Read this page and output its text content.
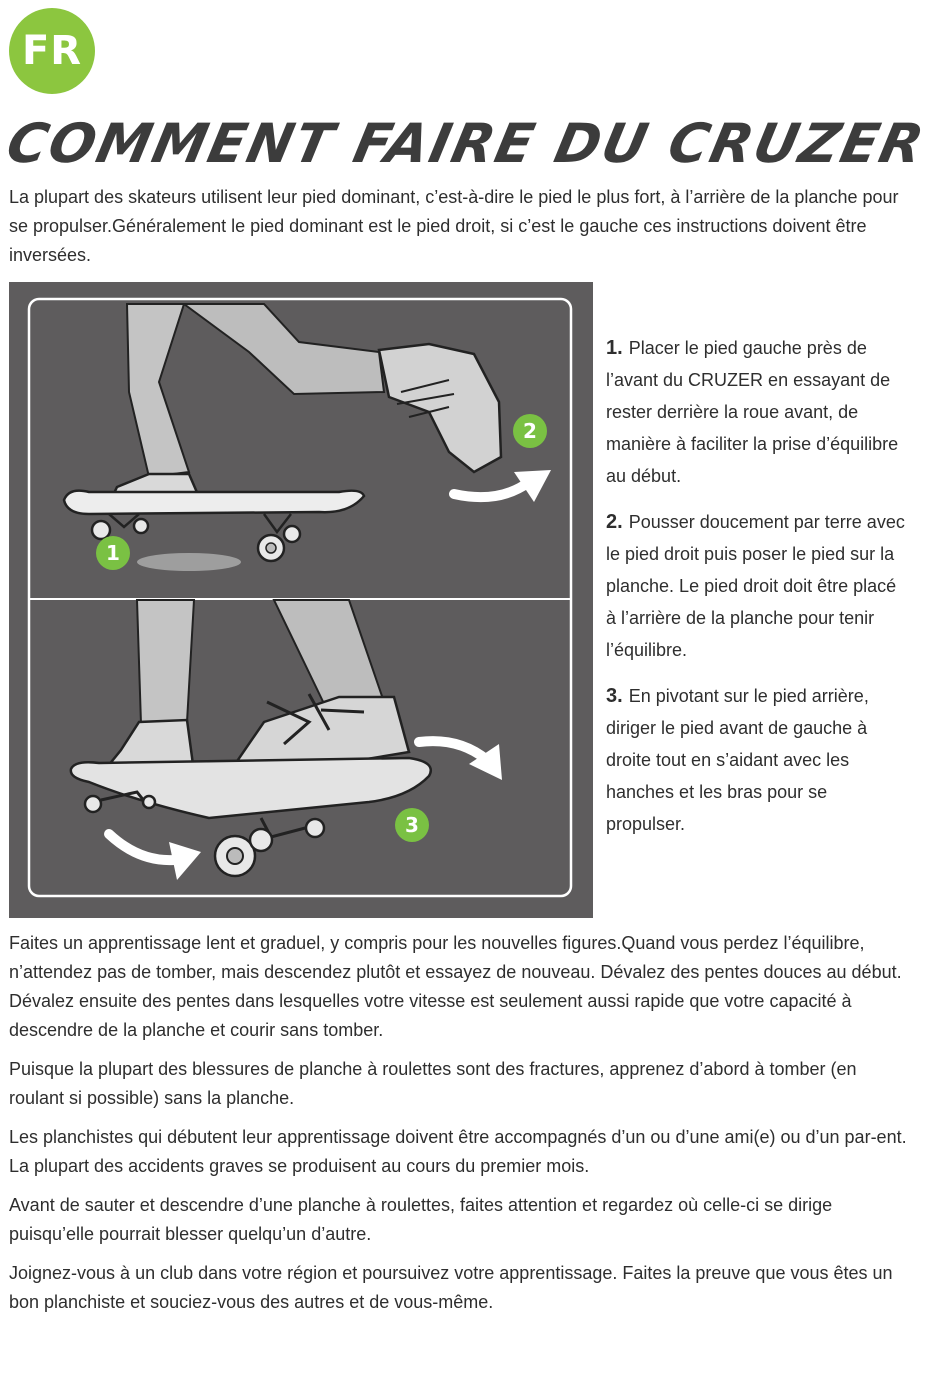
FR
COMMENT FAIRE DU CRUZER

La plupart des skateurs utilisent leur pied dominant, c’est-à-dire le pied le plus fort, à l’arrière de la planche pour se propulser.Généralement le pied dominant est le pied droit, si c’est le gauche ces instructions doivent être inversées.

1
2
3

1. Placer le pied gauche près de l’avant du CRUZER en essayant de rester derrière la roue avant, de manière à faciliter la prise d’équilibre au début.

2. Pousser doucement par terre avec le pied droit puis poser le pied sur la planche. Le pied droit doit être placé à l’arrière de la planche pour tenir l’équilibre.

3. En pivotant sur le pied arrière, diriger le pied avant de gauche à droite tout en s’aidant avec les hanches et les bras pour se propulser.

Faites un apprentissage lent et graduel, y compris pour les nouvelles figures.Quand vous perdez l’équilibre, n’attendez pas de tomber, mais descendez plutôt et essayez de nouveau. Dévalez des pentes douces au début. Dévalez ensuite des pentes dans lesquelles votre vitesse est seulement aussi rapide que votre capacité à descendre de la planche et courir sans tomber.

Puisque la plupart des blessures de planche à roulettes sont des fractures, apprenez d’abord à tomber (en roulant si possible) sans la planche.

Les planchistes qui débutent leur apprentissage doivent être accompagnés d’un ou d’une ami(e) ou d’un par-ent. La plupart des accidents graves se produisent au cours du premier mois.

Avant de sauter et descendre d’une planche à roulettes, faites attention et regardez où celle-ci se dirige puisqu’elle pourrait blesser quelqu’un d’autre.

Joignez-vous à un club dans votre région et poursuivez votre apprentissage. Faites la preuve que vous êtes un bon planchiste et souciez-vous des autres et de vous-même.
